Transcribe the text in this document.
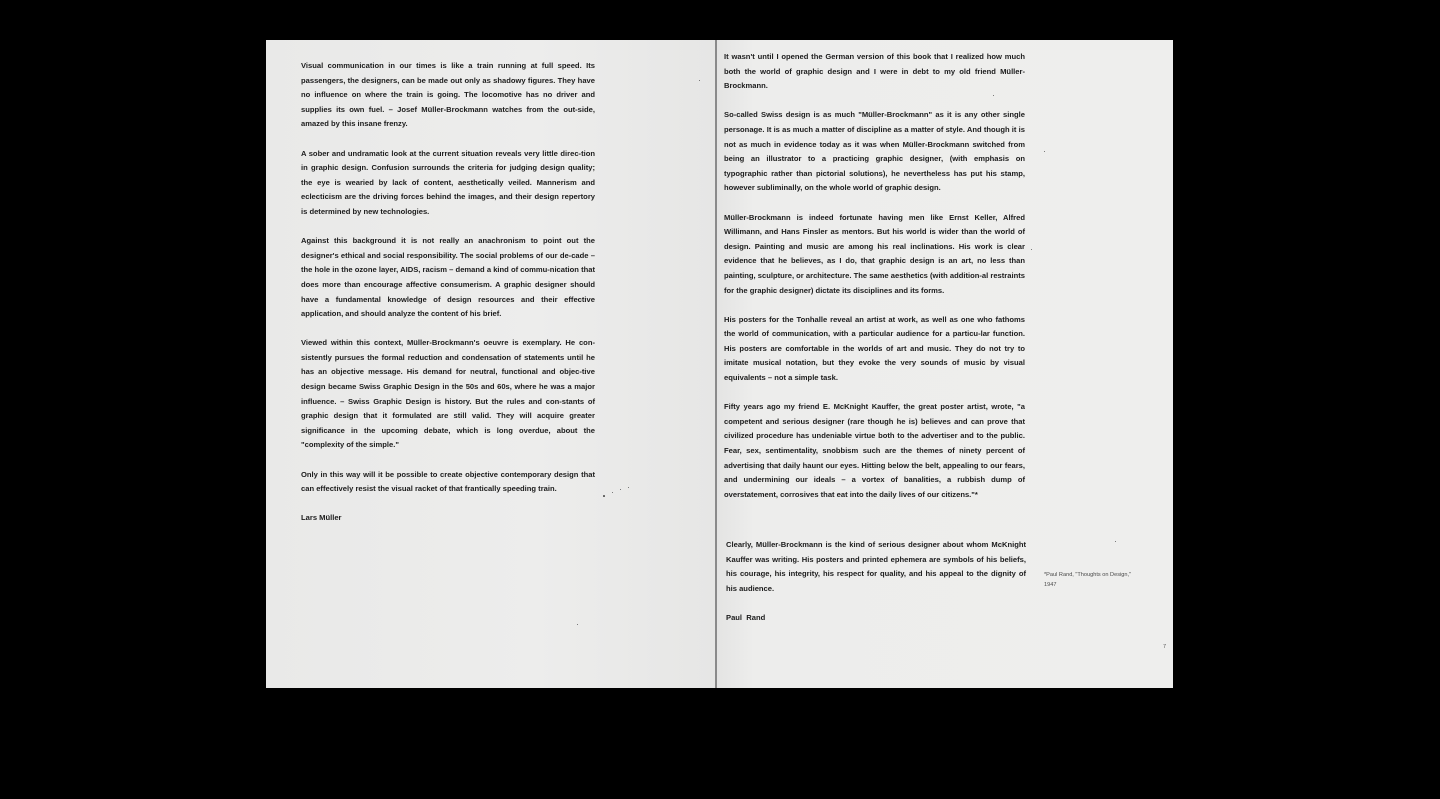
Visual communication in our times is like a train running at full speed. Its passengers, the designers, can be made out only as shadowy figures. They have no influence on where the train is going. The locomotive has no driver and supplies its own fuel. – Josef Müller-Brockmann watches from the out-side, amazed by this insane frenzy.

A sober and undramatic look at the current situation reveals very little direc-tion in graphic design. Confusion surrounds the criteria for judging design quality; the eye is wearied by lack of content, aesthetically veiled. Mannerism and eclecticism are the driving forces behind the images, and their design repertory is determined by new technologies.

Against this background it is not really an anachronism to point out the designer's ethical and social responsibility. The social problems of our de-cade – the hole in the ozone layer, AIDS, racism – demand a kind of commu-nication that does more than encourage affective consumerism. A graphic designer should have a fundamental knowledge of design resources and their effective application, and should analyze the content of his brief.

Viewed within this context, Müller-Brockmann's oeuvre is exemplary. He con-sistently pursues the formal reduction and condensation of statements until he has an objective message. His demand for neutral, functional and objec-tive design became Swiss Graphic Design in the 50s and 60s, where he was a major influence. – Swiss Graphic Design is history. But the rules and con-stants of graphic design that it formulated are still valid. They will acquire greater significance in the upcoming debate, which is long overdue, about the "complexity of the simple."

Only in this way will it be possible to create objective contemporary design that can effectively resist the visual racket of that frantically speeding train.

Lars Müller

It wasn't until I opened the German version of this book that I realized how much both the world of graphic design and I were in debt to my old friend Müller-Brockmann.

So-called Swiss design is as much "Müller-Brockmann" as it is any other single personage. It is as much a matter of discipline as a matter of style. And though it is not as much in evidence today as it was when Müller-Brockmann switched from being an illustrator to a practicing graphic designer, (with emphasis on typographic rather than pictorial solutions), he nevertheless has put his stamp, however subliminally, on the whole world of graphic design.

Müller-Brockmann is indeed fortunate having men like Ernst Keller, Alfred Willimann, and Hans Finsler as mentors. But his world is wider than the world of design. Painting and music are among his real inclinations. His work is clear evidence that he believes, as I do, that graphic design is an art, no less than painting, sculpture, or architecture. The same aesthetics (with addition-al restraints for the graphic designer) dictate its disciplines and its forms.

His posters for the Tonhalle reveal an artist at work, as well as one who fathoms the world of communication, with a particular audience for a particu-lar function. His posters are comfortable in the worlds of art and music. They do not try to imitate musical notation, but they evoke the very sounds of music by visual equivalents – not a simple task.

Fifty years ago my friend E. McKnight Kauffer, the great poster artist, wrote, "a competent and serious designer (rare though he is) believes and can prove that civilized procedure has undeniable virtue both to the advertiser and to the public. Fear, sex, sentimentality, snobbism such are the themes of ninety percent of advertising that daily haunt our eyes. Hitting below the belt, appealing to our fears, and undermining our ideals – a vortex of banalities, a rubbish dump of overstatement, corrosives that eat into the daily lives of our citizens."*

Clearly, Müller-Brockmann is the kind of serious designer about whom McKnight Kauffer was writing. His posters and printed ephemera are symbols of his beliefs, his courage, his integrity, his respect for quality, and his appeal to the dignity of his audience.

Paul  Rand

*Paul Rand, "Thoughts on Design," 1947
7
